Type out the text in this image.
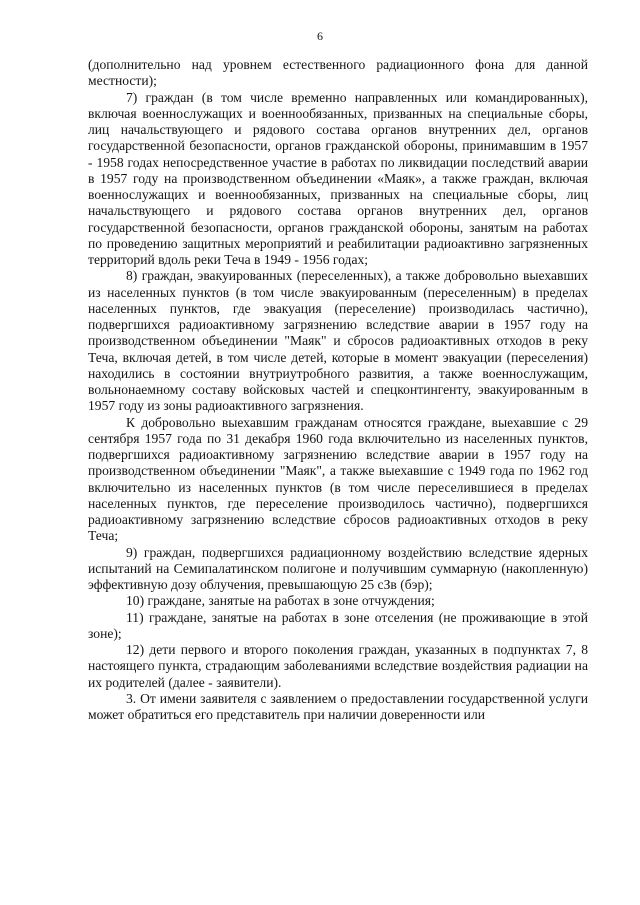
6

(дополнительно над уровнем естественного радиационного фона для данной местности);

7) граждан (в том числе временно направленных или командированных), включая военнослужащих и военнообязанных, призванных на специальные сборы, лиц начальствующего и рядового состава органов внутренних дел, органов государственной безопасности, органов гражданской обороны, принимавшим в 1957 - 1958 годах непосредственное участие в работах по ликвидации последствий аварии в 1957 году на производственном объединении «Маяк», а также граждан, включая военнослужащих и военнообязанных, призванных на специальные сборы, лиц начальствующего и рядового состава органов внутренних дел, органов государственной безопасности, органов гражданской обороны, занятым на работах по проведению защитных мероприятий и реабилитации радиоактивно загрязненных территорий вдоль реки Теча в 1949 - 1956 годах;

8) граждан, эвакуированных (переселенных), а также добровольно выехавших из населенных пунктов (в том числе эвакуированным (переселенным) в пределах населенных пунктов, где эвакуация (переселение) производилась частично), подвергшихся радиоактивному загрязнению вследствие аварии в 1957 году на производственном объединении "Маяк" и сбросов радиоактивных отходов в реку Теча, включая детей, в том числе детей, которые в момент эвакуации (переселения) находились в состоянии внутриутробного развития, а также военнослужащим, вольнонаемному составу войсковых частей и спецконтингенту, эвакуированным в 1957 году из зоны радиоактивного загрязнения.

К добровольно выехавшим гражданам относятся граждане, выехавшие с 29 сентября 1957 года по 31 декабря 1960 года включительно из населенных пунктов, подвергшихся радиоактивному загрязнению вследствие аварии в 1957 году на производственном объединении "Маяк", а также выехавшие с 1949 года по 1962 год включительно из населенных пунктов (в том числе переселившиеся в пределах населенных пунктов, где переселение производилось частично), подвергшихся радиоактивному загрязнению вследствие сбросов радиоактивных отходов в реку Теча;

9) граждан, подвергшихся радиационному воздействию вследствие ядерных испытаний на Семипалатинском полигоне и получившим суммарную (накопленную) эффективную дозу облучения, превышающую 25 сЗв (бэр);

10) граждане, занятые на работах в зоне отчуждения;

11) граждане, занятые на работах в зоне отселения (не проживающие в этой зоне);

12) дети первого и второго поколения граждан, указанных в подпунктах 7, 8 настоящего пункта, страдающим заболеваниями вследствие воздействия радиации на их родителей (далее - заявители).

3. От имени заявителя с заявлением о предоставлении государственной услуги может обратиться его представитель при наличии доверенности или
